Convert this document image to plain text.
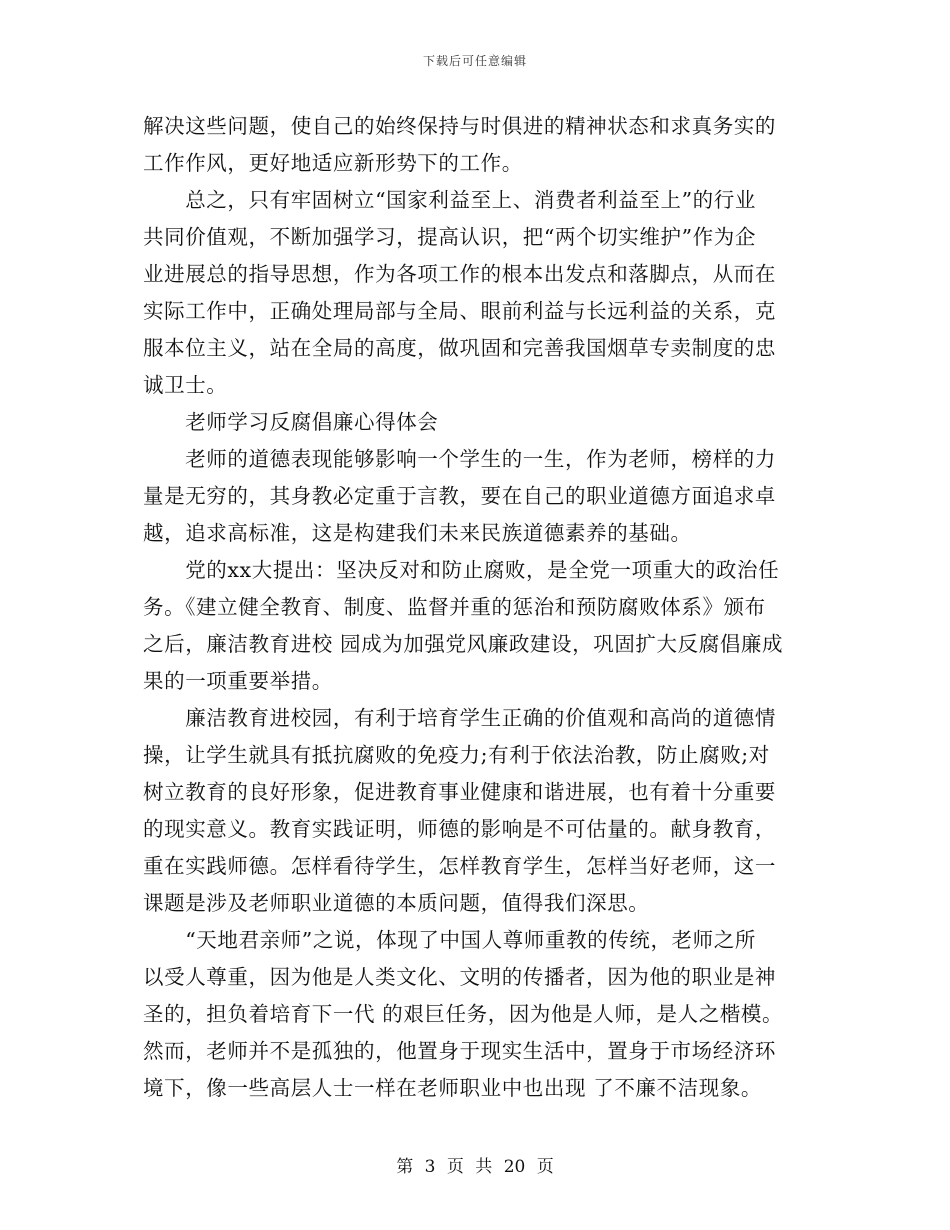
下载后可任意编辑
解决这些问题，使自己的始终保持与时俱进的精神状态和求真务实的
工作作风，更好地适应新形势下的工作。
　　总之，只有牢固树立“国家利益至上、消费者利益至上”的行业
共同价值观，不断加强学习，提高认识，把“两个切实维护”作为企
业进展总的指导思想，作为各项工作的根本出发点和落脚点，从而在
实际工作中，正确处理局部与全局、眼前利益与长远利益的关系，克
服本位主义，站在全局的高度，做巩固和完善我国烟草专卖制度的忠
诚卫士。
　　老师学习反腐倡廉心得体会
　　老师的道德表现能够影响一个学生的一生，作为老师，榜样的力
量是无穷的，其身教必定重于言教，要在自己的职业道德方面追求卓
越，追求高标准，这是构建我们未来民族道德素养的基础。
　　党的xx大提出：坚决反对和防止腐败，是全党一项重大的政治任
务。《建立健全教育、制度、监督并重的惩治和预防腐败体系》颁布
之后，廉洁教育进校 园成为加强党风廉政建设，巩固扩大反腐倡廉成
果的一项重要举措。
　　廉洁教育进校园，有利于培育学生正确的价值观和高尚的道德情
操，让学生就具有抵抗腐败的免疫力;有利于依法治教，防止腐败;对
树立教育的良好形象，促进教育事业健康和谐进展，也有着十分重要
的现实意义。教育实践证明，师德的影响是不可估量的。献身教育，
重在实践师德。怎样看待学生，怎样教育学生，怎样当好老师，这一
课题是涉及老师职业道德的本质问题，值得我们深思。
　　“天地君亲师”之说，体现了中国人尊师重教的传统，老师之所
以受人尊重，因为他是人类文化、文明的传播者，因为他的职业是神
圣的，担负着培育下一代 的艰巨任务，因为他是人师，是人之楷模。
然而，老师并不是孤独的，他置身于现实生活中，置身于市场经济环
境下，像一些高层人士一样在老师职业中也出现 了不廉不洁现象。
第 3 页 共 20 页
